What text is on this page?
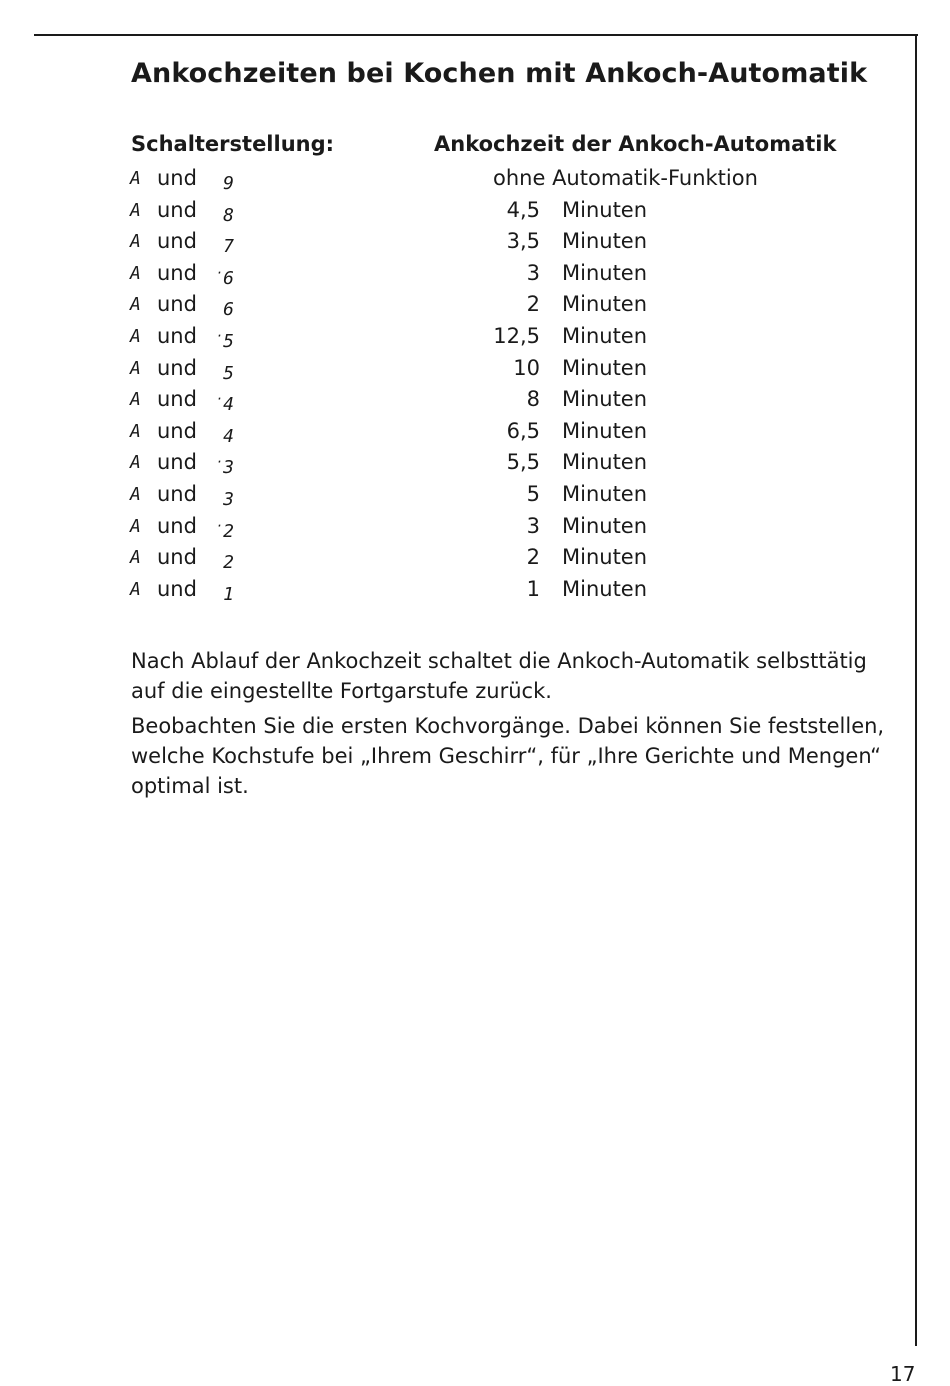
Ankochzeiten bei Kochen mit Ankoch-Automatik
Schalterstellung:	Ankochzeit der Ankoch-Automatik
A und	9	ohne Automatik-Funktion
A und	8	4,5 Minuten
A und	7	3,5 Minuten
A und	·6	3 Minuten
A und	6	2 Minuten
A und	·5	12,5 Minuten
A und	5	10 Minuten
A und	·4	8 Minuten
A und	4	6,5 Minuten
A und	·3	5,5 Minuten
A und	3	5 Minuten
A und	·2	3 Minuten
A und	2	2 Minuten
A und	1	1 Minuten

Nach Ablauf der Ankochzeit schaltet die Ankoch-Automatik selbsttätig
auf die eingestellte Fortgarstufe zurück.

Beobachten Sie die ersten Kochvorgänge. Dabei können Sie feststellen,
welche Kochstufe bei „Ihrem Geschirr“, für „Ihre Gerichte und Mengen“
optimal ist.

17
